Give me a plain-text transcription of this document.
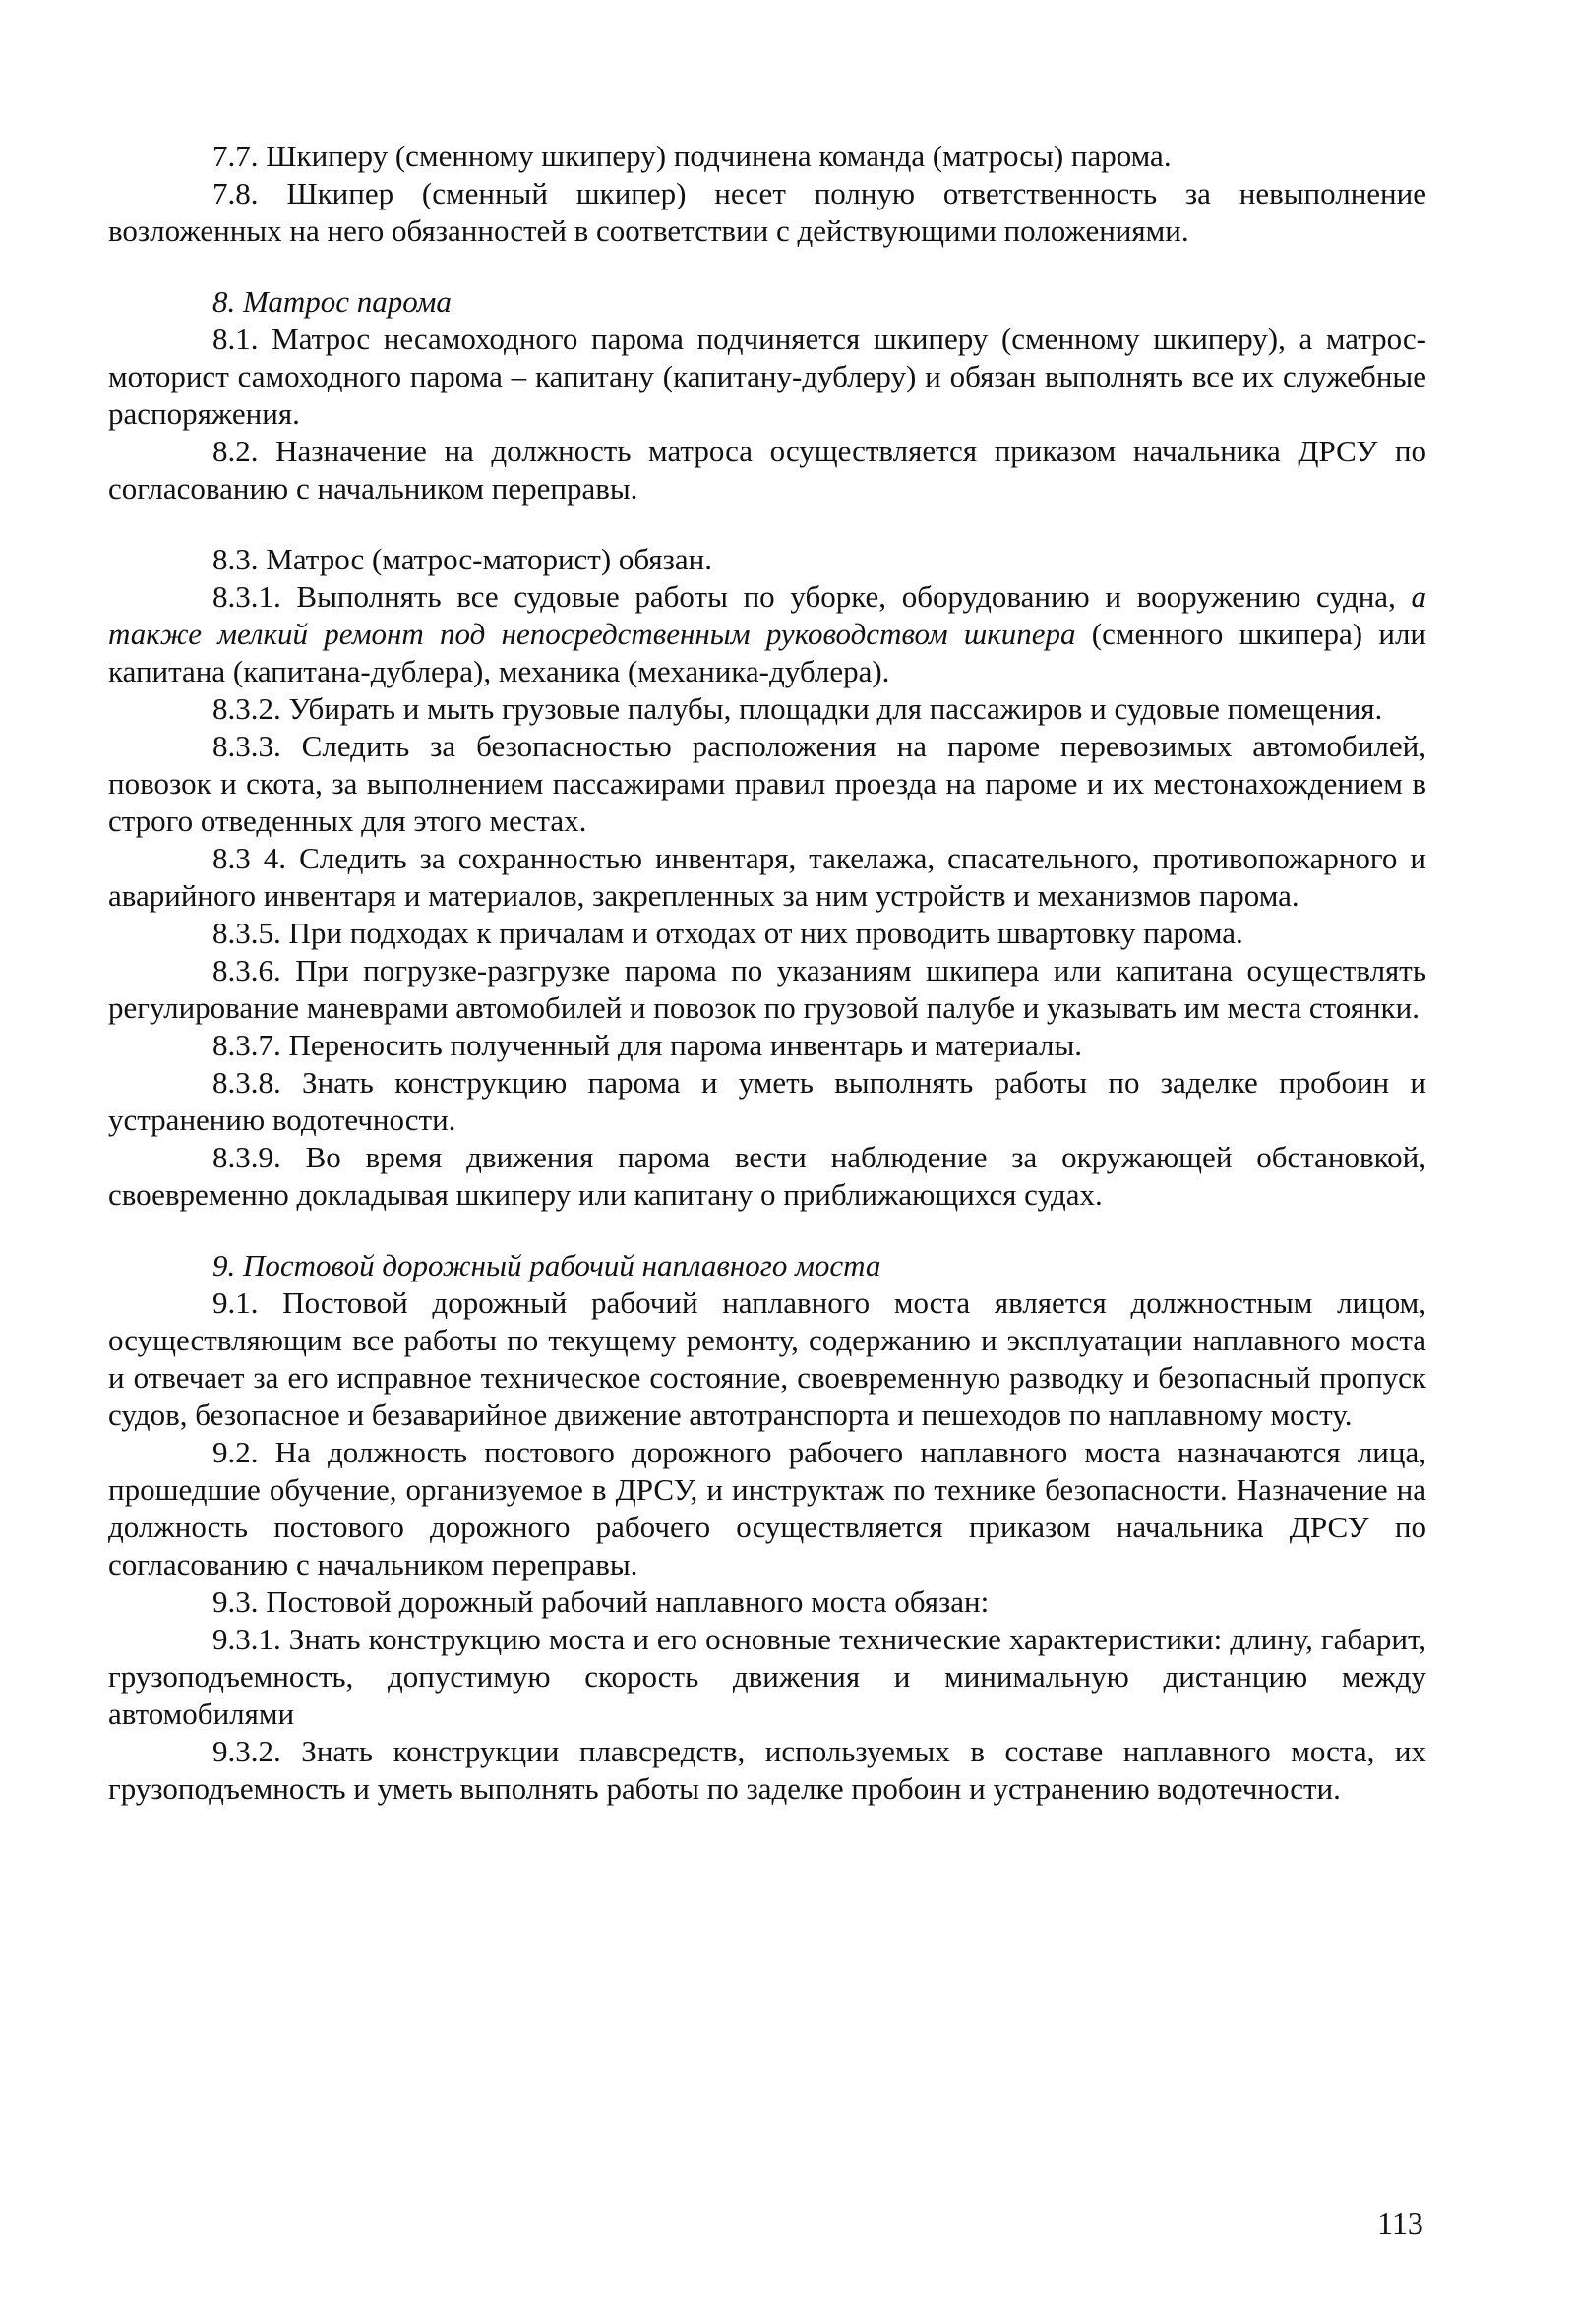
7.7. Шкиперу (сменному шкиперу) подчинена команда (матросы) парома.

7.8. Шкипер (сменный шкипер) несет полную ответственность за невыполнение возложенных на него обязанностей в соответствии с действующими положениями.

8. Матрос парома

8.1. Матрос несамоходного парома подчиняется шкиперу (сменному шкиперу), а матрос-моторист самоходного парома – капитану (капитану-дублеру) и обязан выполнять все их служебные распоряжения.

8.2. Назначение на должность матроса осуществляется приказом начальника ДРСУ по согласованию с начальником переправы.

8.3. Матрос (матрос-маторист) обязан.

8.3.1. Выполнять все судовые работы по уборке, оборудованию и вооружению судна, а также мелкий ремонт под непосредственным руководством шкипера (сменного шкипера) или капитана (капитана-дублера), механика (механика-дублера).

8.3.2. Убирать и мыть грузовые палубы, площадки для пассажиров и судовые помещения.

8.3.3. Следить за безопасностью расположения на пароме перевозимых автомобилей, повозок и скота, за выполнением пассажирами правил проезда на пароме и их местонахождением в строго отведенных для этого местах.

8.3 4. Следить за сохранностью инвентаря, такелажа, спасательного, противопожарного и аварийного инвентаря и материалов, закрепленных за ним устройств и механизмов парома.

8.3.5. При подходах к причалам и отходах от них проводить швартовку парома.

8.3.6. При погрузке-разгрузке парома по указаниям шкипера или капитана осуществлять регулирование маневрами автомобилей и повозок по грузовой палубе и указывать им места стоянки.

8.3.7. Переносить полученный для парома инвентарь и материалы.

8.3.8. Знать конструкцию парома и уметь выполнять работы по заделке пробоин и устранению водотечности.

8.3.9. Во время движения парома вести наблюдение за окружающей обстановкой, своевременно докладывая шкиперу или капитану о приближающихся судах.

9. Постовой дорожный рабочий наплавного моста

9.1. Постовой дорожный рабочий наплавного моста является должностным лицом, осуществляющим все работы по текущему ремонту, содержанию и эксплуатации наплавного моста и отвечает за его исправное техническое состояние, своевременную разводку и безопасный пропуск судов, безопасное и безаварийное движение автотранспорта и пешеходов по наплавному мосту.

9.2. На должность постового дорожного рабочего наплавного моста назначаются лица, прошедшие обучение, организуемое в ДРСУ, и инструктаж по технике безопасности. Назначение на должность постового дорожного рабочего осуществляется приказом начальника ДРСУ по согласованию с начальником переправы.

9.3. Постовой дорожный рабочий наплавного моста обязан:

9.3.1. Знать конструкцию моста и его основные технические характеристики: длину, габарит, грузоподъемность, допустимую скорость движения и минимальную дистанцию между автомобилями

9.3.2. Знать конструкции плавсредств, используемых в составе наплавного моста, их грузоподъемность и уметь выполнять работы по заделке пробоин и устранению водотечности.

113
